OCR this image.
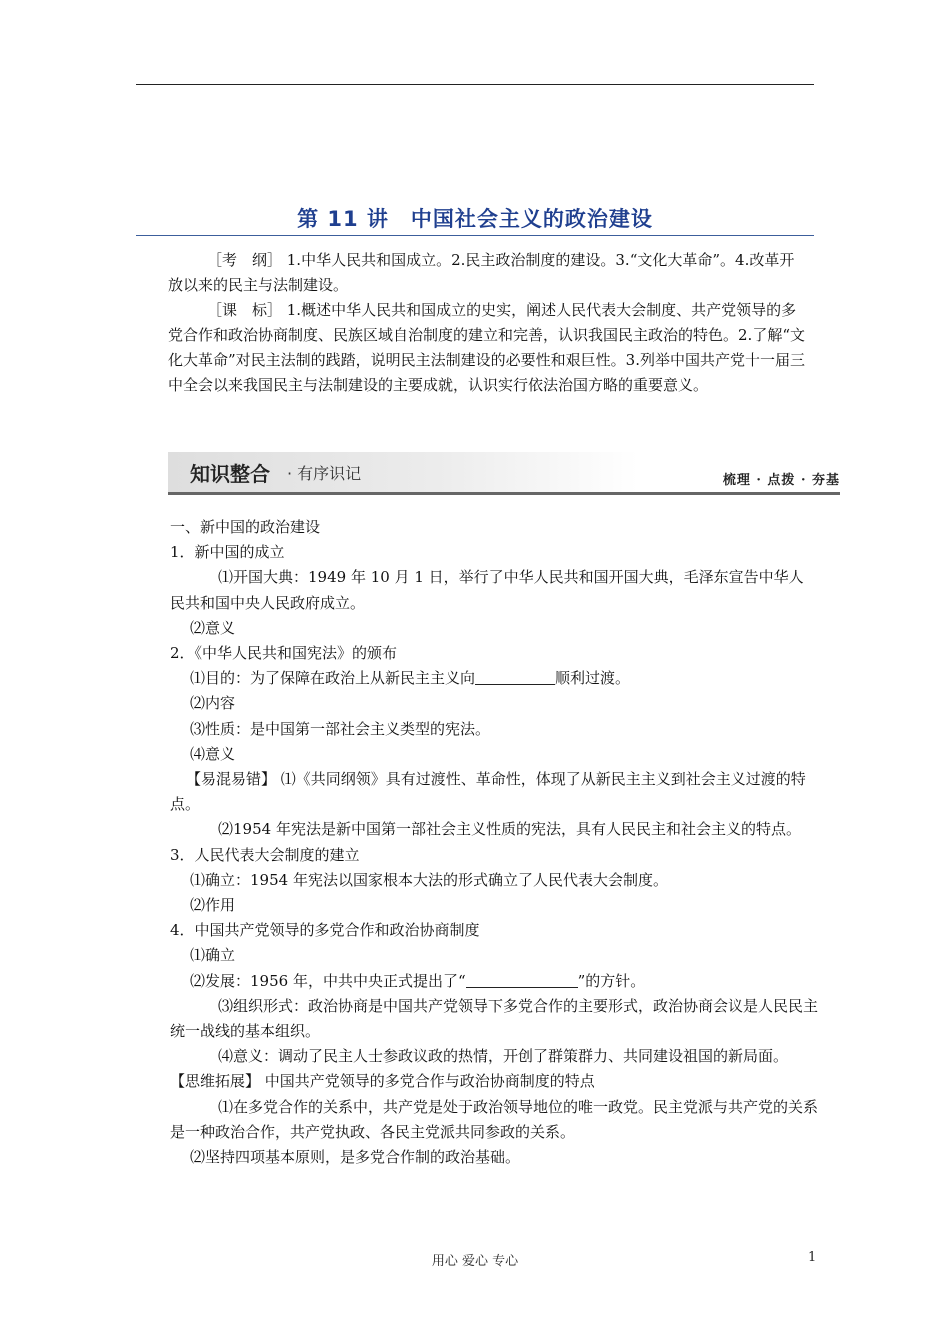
第 11 讲　中国社会主义的政治建设

［考　纲］ 1.中华人民共和国成立。2.民主政治制度的建设。3.“文化大革命”。4.改革开放以来的民主与法制建设。

［课　标］ 1.概述中华人民共和国成立的史实，阐述人民代表大会制度、共产党领导的多党合作和政治协商制度、民族区域自治制度的建立和完善，认识我国民主政治的特色。2.了解“文化大革命”对民主法制的践踏，说明民主法制建设的必要性和艰巨性。3.列举中国共产党十一届三中全会以来我国民主与法制建设的主要成就，认识实行依法治国方略的重要意义。

知识整合 · 有序识记	梳理 · 点拨 · 夯基

一、新中国的政治建设

1．新中国的成立

⑴开国大典：1949 年 10 月 1 日，举行了中华人民共和国开国大典，毛泽东宣告中华人民共和国中央人民政府成立。

⑵意义

2．《中华人民共和国宪法》的颁布

⑴目的：为了保障在政治上从新民主主义向	顺利过渡。

⑵内容

⑶性质：是中国第一部社会主义类型的宪法。

⑷意义

【易混易错】 ⑴《共同纲领》具有过渡性、革命性，体现了从新民主主义到社会主义过渡的特点。

⑵1954 年宪法是新中国第一部社会主义性质的宪法，具有人民民主和社会主义的特点。

3．人民代表大会制度的建立

⑴确立：1954 年宪法以国家根本大法的形式确立了人民代表大会制度。

⑵作用

4．中国共产党领导的多党合作和政治协商制度

⑴确立

⑵发展：1956 年，中共中央正式提出了“	”的方针。

⑶组织形式：政治协商是中国共产党领导下多党合作的主要形式，政治协商会议是人民民主统一战线的基本组织。

⑷意义：调动了民主人士参政议政的热情，开创了群策群力、共同建设祖国的新局面。

【思维拓展】 中国共产党领导的多党合作与政治协商制度的特点

⑴在多党合作的关系中，共产党是处于政治领导地位的唯一政党。民主党派与共产党的关系是一种政治合作，共产党执政、各民主党派共同参政的关系。

⑵坚持四项基本原则，是多党合作制的政治基础。

用心 爱心 专心	1
